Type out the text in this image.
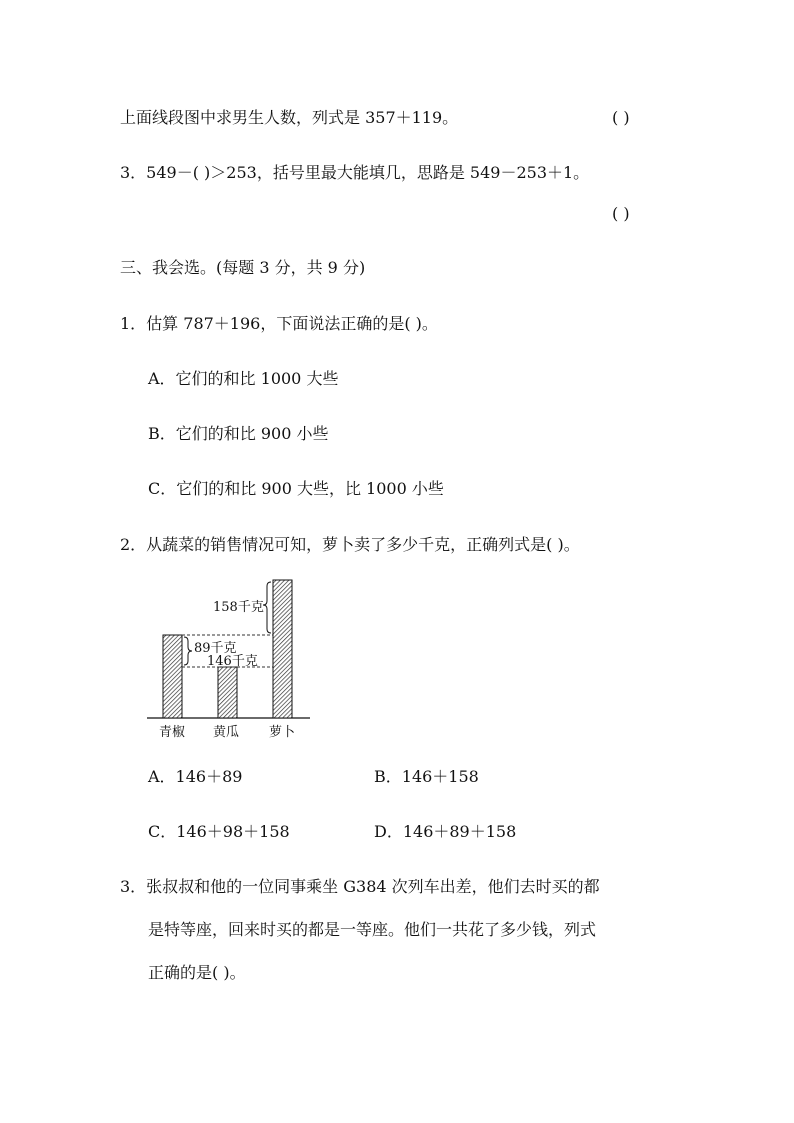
上面线段图中求男生人数，列式是 357＋119。	( )
3．549－( )＞253，括号里最大能填几，思路是 549－253＋1。
( )
三、我会选。(每题 3 分，共 9 分)
1．估算 787＋196，下面说法正确的是( )。
A．它们的和比 1000 大些
B．它们的和比 900 小些
C．它们的和比 900 大些，比 1000 小些
2．从蔬菜的销售情况可知，萝卜卖了多少千克，正确列式是( )。
158千克
89千克
146千克
青椒 黄瓜 萝卜
A．146＋89	B．146＋158
C．146＋98＋158	D．146＋89＋158
3．张叔叔和他的一位同事乘坐 G384 次列车出差，他们去时买的都
是特等座，回来时买的都是一等座。他们一共花了多少钱，列式
正确的是( )。
